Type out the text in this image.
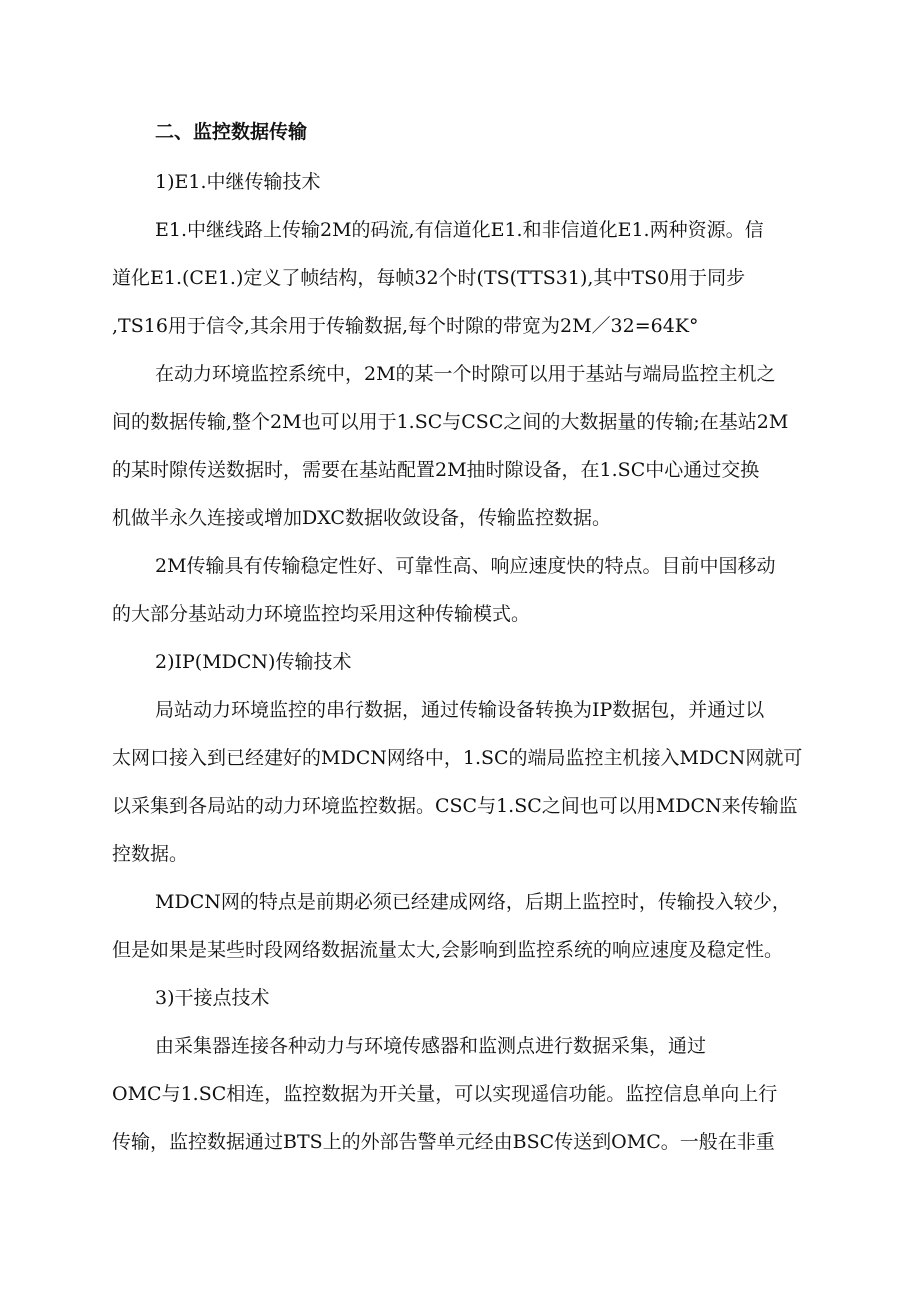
二、监控数据传输
1)E1.中继传输技术
E1.中继线路上传输2M的码流,有信道化E1.和非信道化E1.两种资源。信
道化E1.(CE1.)定义了帧结构，每帧32个时(TS(TTS31),其中TS0用于同步
,TS16用于信令,其余用于传输数据,每个时隙的带宽为2M／32=64K°
在动力环境监控系统中，2M的某一个时隙可以用于基站与端局监控主机之
间的数据传输,整个2M也可以用于1.SC与CSC之间的大数据量的传输;在基站2M
的某时隙传送数据时，需要在基站配置2M抽时隙设备，在1.SC中心通过交换
机做半永久连接或增加DXC数据收敛设备，传输监控数据。
2M传输具有传输稳定性好、可靠性高、响应速度快的特点。目前中国移动
的大部分基站动力环境监控均采用这种传输模式。
2)IP(MDCN)传输技术
局站动力环境监控的串行数据，通过传输设备转换为IP数据包，并通过以
太网口接入到已经建好的MDCN网络中，1.SC的端局监控主机接入MDCN网就可
以采集到各局站的动力环境监控数据。CSC与1.SC之间也可以用MDCN来传输监
控数据。
MDCN网的特点是前期必须已经建成网络，后期上监控时，传输投入较少，
但是如果是某些时段网络数据流量太大,会影响到监控系统的响应速度及稳定性。
3)干接点技术
由采集器连接各种动力与环境传感器和监测点进行数据采集，通过
OMC与1.SC相连，监控数据为开关量，可以实现遥信功能。监控信息单向上行
传输，监控数据通过BTS上的外部告警单元经由BSC传送到OMC。一般在非重
